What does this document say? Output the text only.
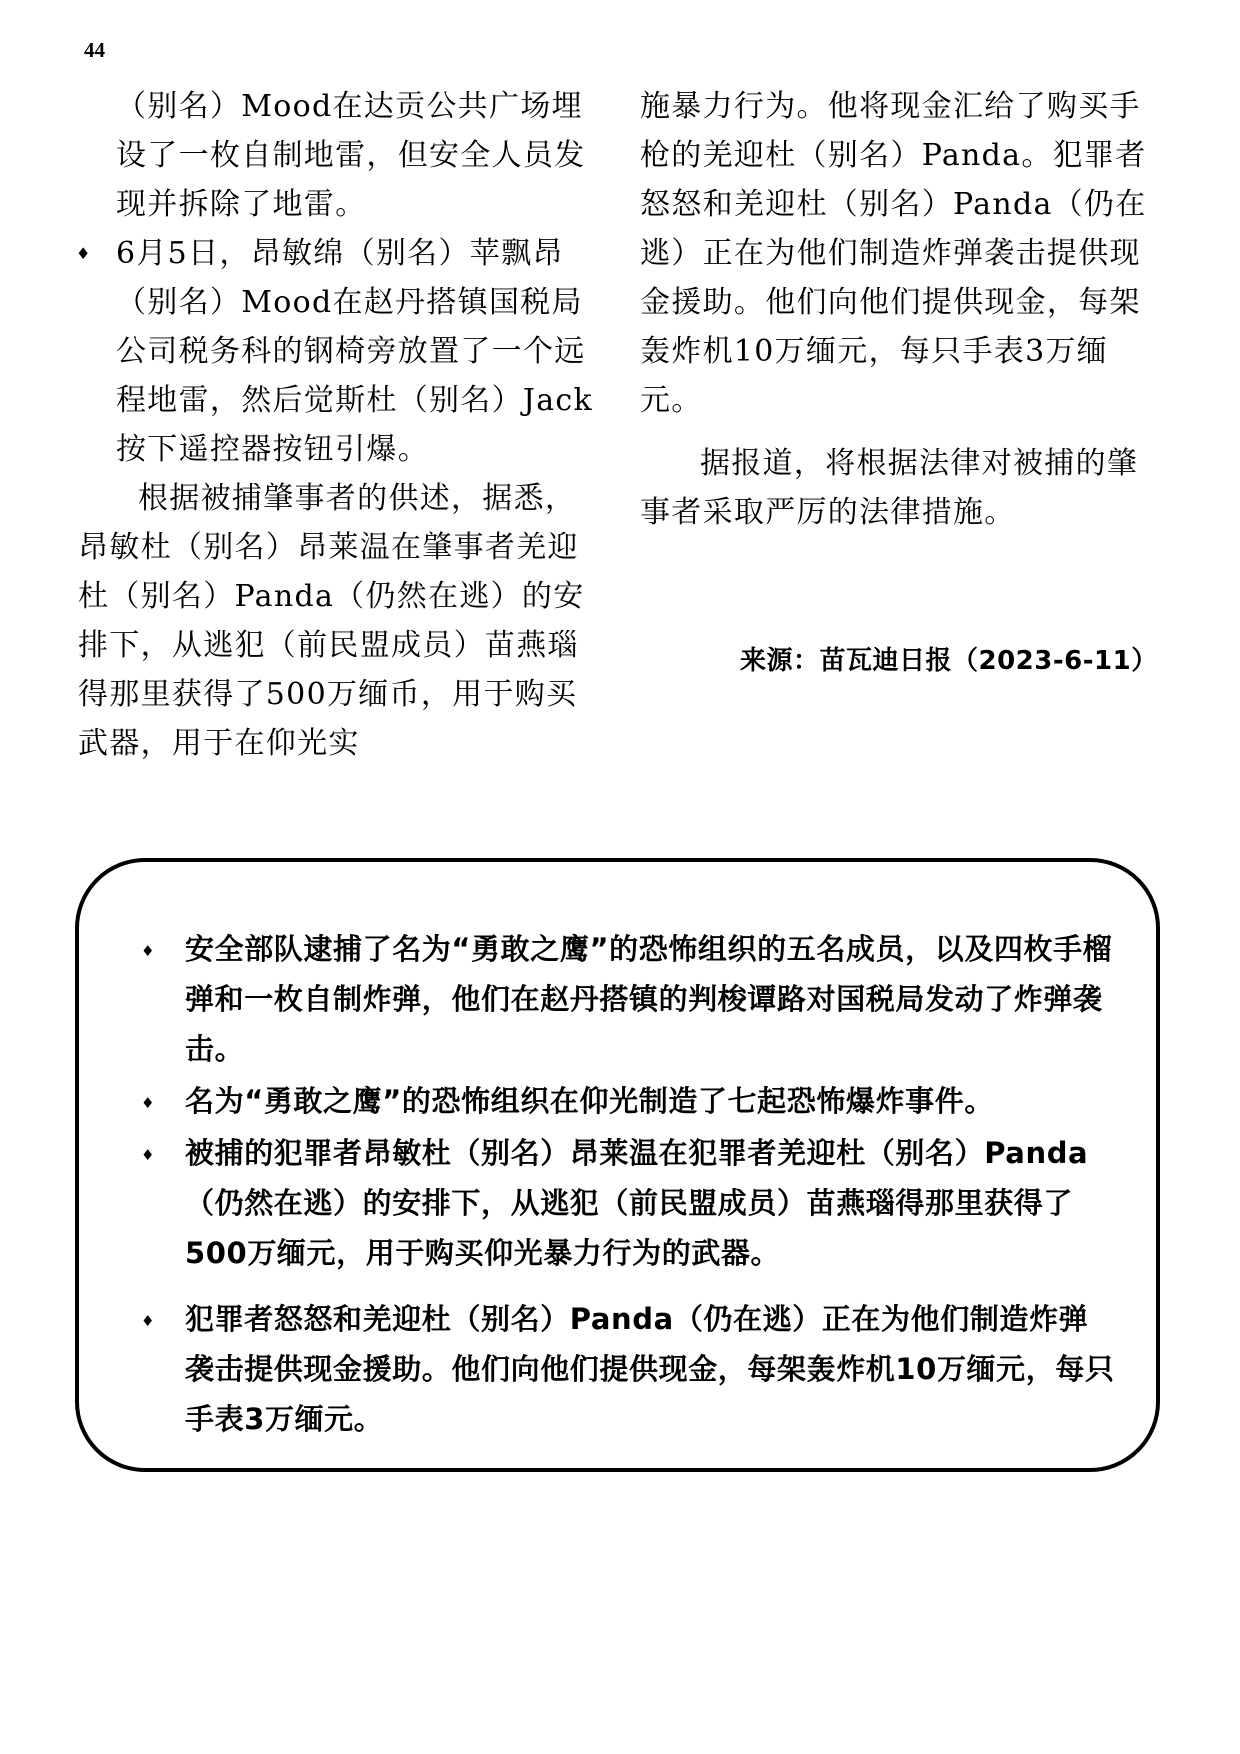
44

（别名）Mood在达贡公共广场埋设了一枚自制地雷，但安全人员发现并拆除了地雷。

♦ 6月5日，昂敏绵（别名）苹飘昂（别名）Mood在赵丹搭镇国税局公司税务科的钢椅旁放置了一个远程地雷，然后觉斯杜（别名）Jack按下遥控器按钮引爆。

根据被捕肇事者的供述，据悉，昂敏杜（别名）昂莱温在肇事者羌迎杜（别名）Panda（仍然在逃）的安排下，从逃犯（前民盟成员）苗燕瑙得那里获得了500万缅币，用于购买武器，用于在仰光实

施暴力行为。他将现金汇给了购买手枪的羌迎杜（别名）Panda。犯罪者怒怒和羌迎杜（别名）Panda（仍在逃）正在为他们制造炸弹袭击提供现金援助。他们向他们提供现金，每架轰炸机10万缅元，每只手表3万缅元。

据报道，将根据法律对被捕的肇事者采取严厉的法律措施。

来源：苗瓦迪日报（2023-6-11）
♦ 安全部队逮捕了名为“勇敢之鹰”的恐怖组织的五名成员，以及四枚手榴弹和一枚自制炸弹，他们在赵丹搭镇的判梭谭路对国税局发动了炸弹袭击。
♦ 名为“勇敢之鹰”的恐怖组织在仰光制造了七起恐怖爆炸事件。
♦ 被捕的犯罪者昂敏杜（别名）昂莱温在犯罪者羌迎杜（别名）Panda（仍然在逃）的安排下，从逃犯（前民盟成员）苗燕瑙得那里获得了500万缅元，用于购买仰光暴力行为的武器。
♦ 犯罪者怒怒和羌迎杜（别名）Panda（仍在逃）正在为他们制造炸弹袭击提供现金援助。他们向他们提供现金，每架轰炸机10万缅元，每只手表3万缅元。
